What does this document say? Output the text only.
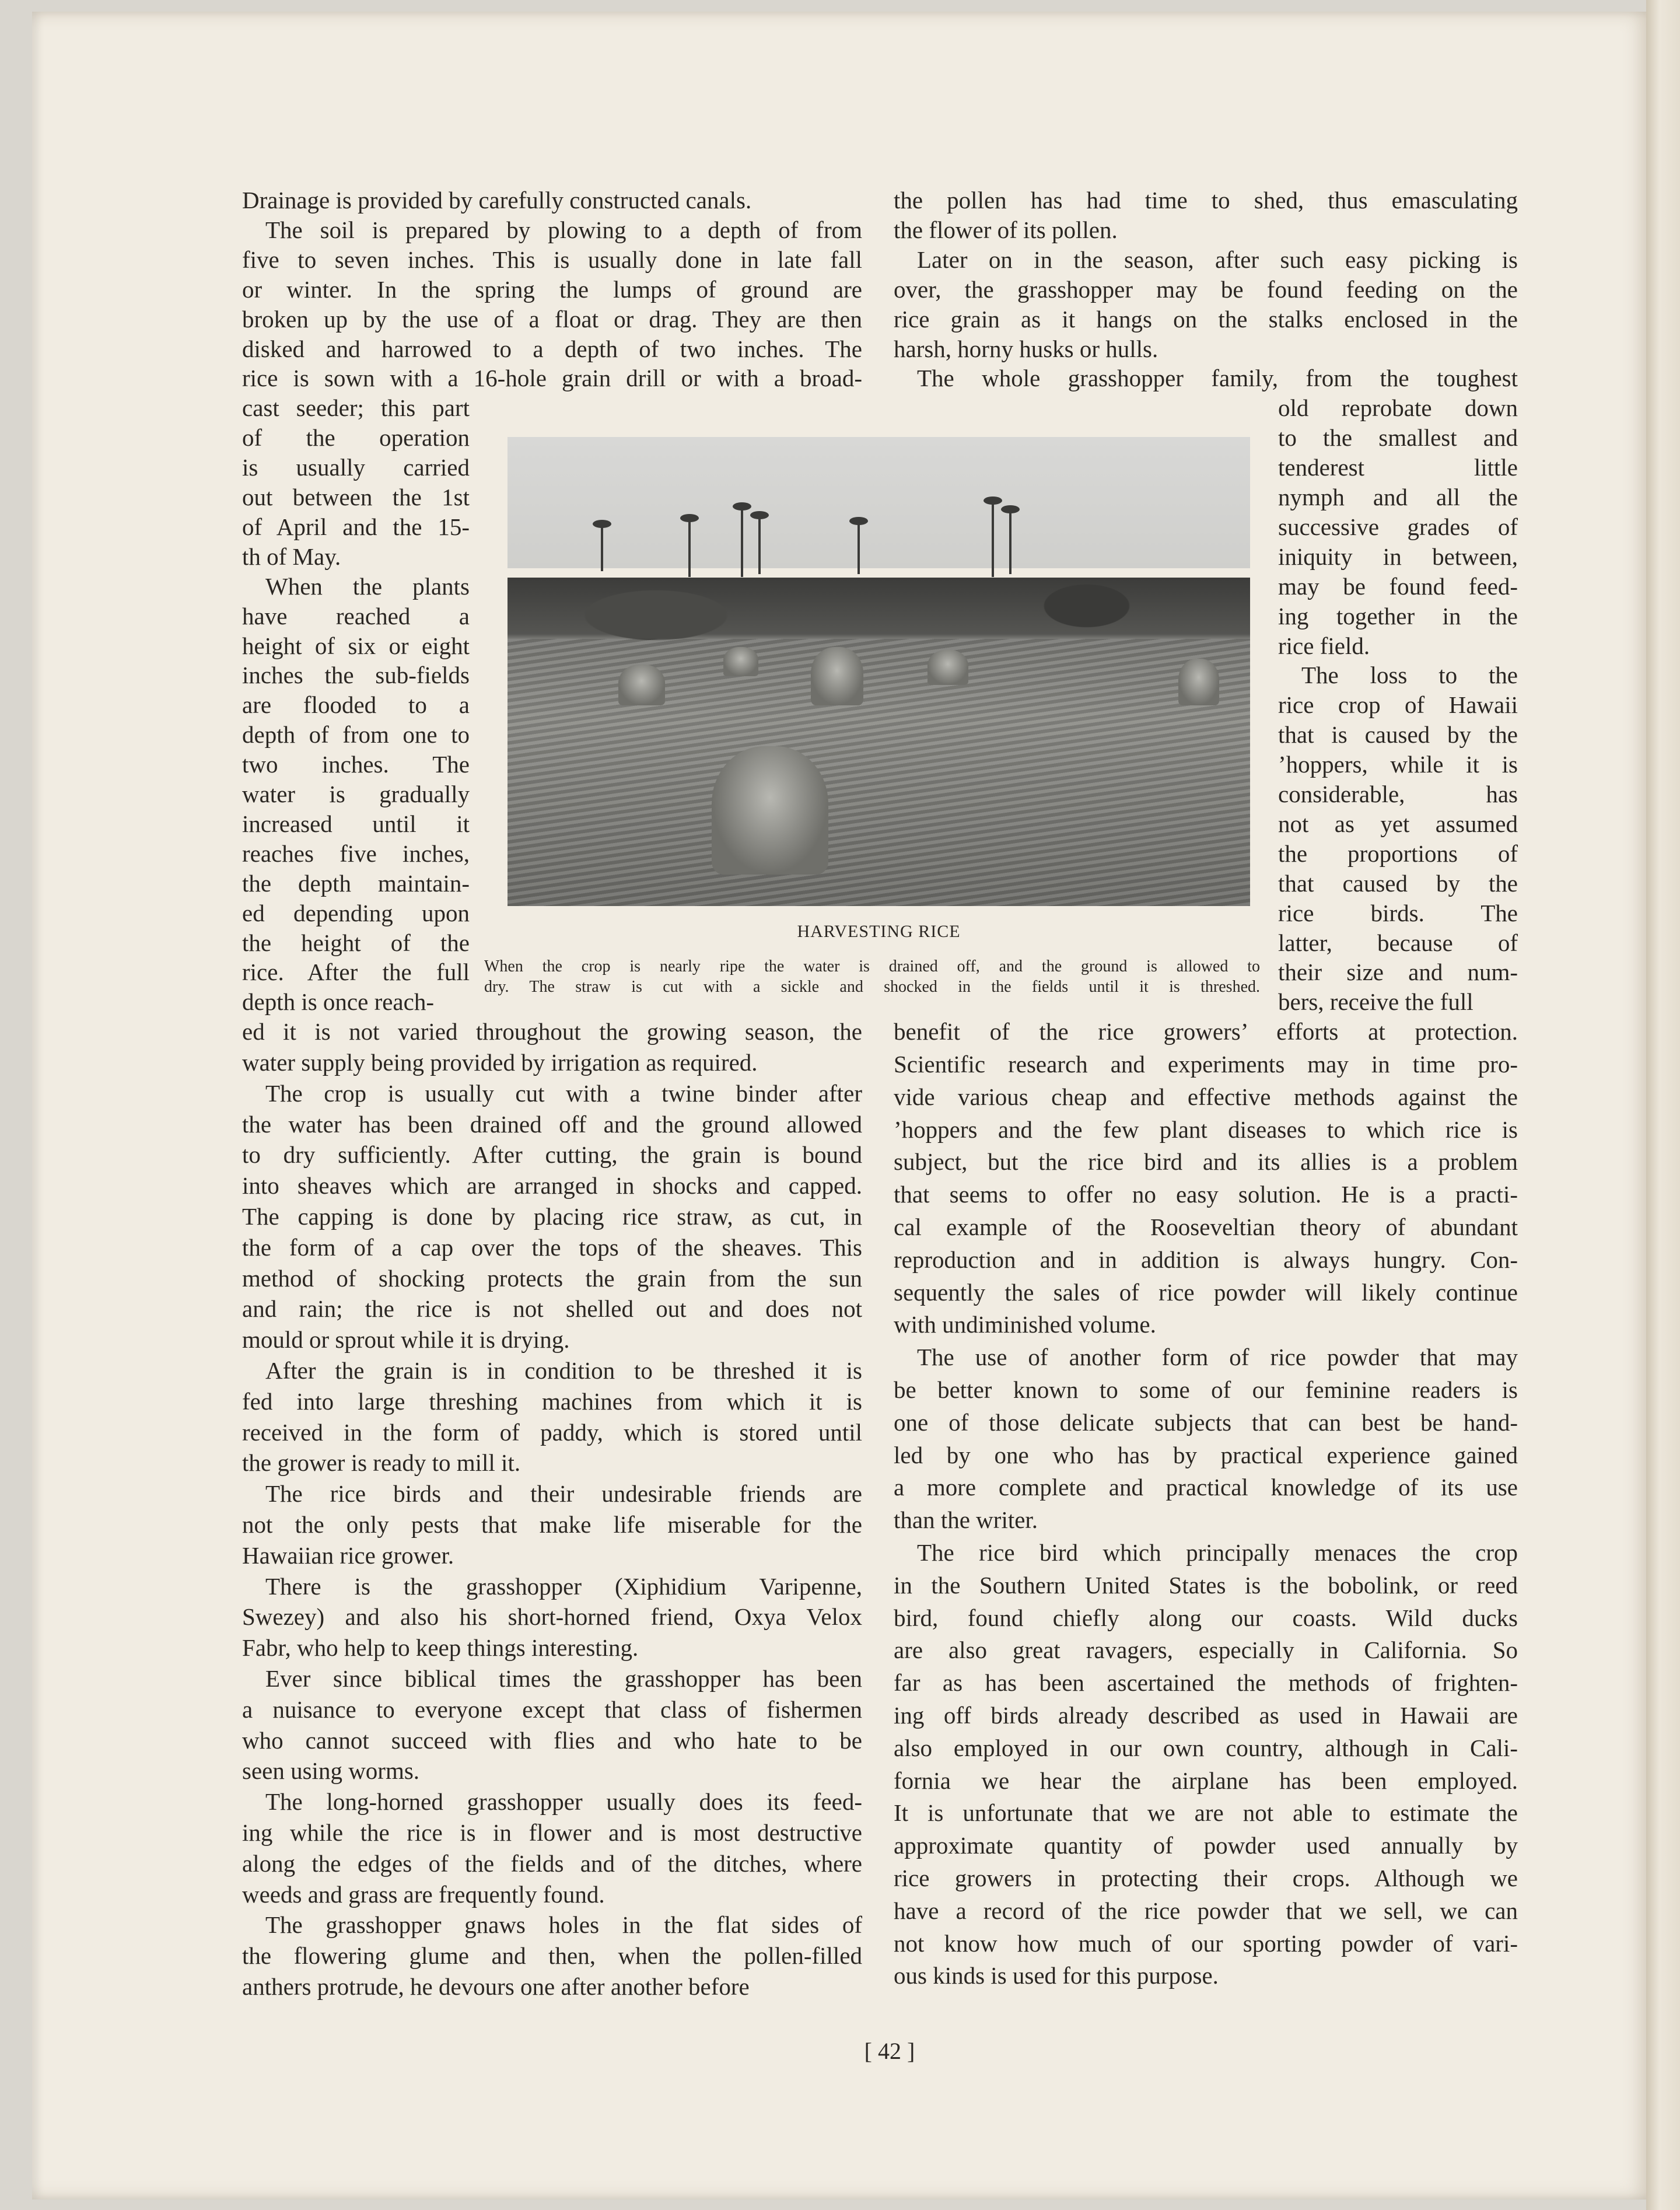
Drainage is provided by carefully constructed canals.
The soil is prepared by plowing to a depth of from
five to seven inches. This is usually done in late fall
or winter. In the spring the lumps of ground are
broken up by the use of a float or drag. They are then
disked and harrowed to a depth of two inches. The
rice is sown with a 16-hole grain drill or with a broad-
cast seeder; this part
of the operation
is usually carried
out between the 1st
of April and the 15-
th of May.
When the plants
have reached a
height of six or eight
inches the sub-fields
are flooded to a
depth of from one to
two inches. The
water is gradually
increased until it
reaches five inches,
the depth maintain-
ed depending upon
the height of the
rice. After the full
depth is once reach-
ed it is not varied throughout the growing season, the
water supply being provided by irrigation as required.
The crop is usually cut with a twine binder after
the water has been drained off and the ground allowed
to dry sufficiently. After cutting, the grain is bound
into sheaves which are arranged in shocks and capped.
The capping is done by placing rice straw, as cut, in
the form of a cap over the tops of the sheaves. This
method of shocking protects the grain from the sun
and rain; the rice is not shelled out and does not
mould or sprout while it is drying.
After the grain is in condition to be threshed it is
fed into large threshing machines from which it is
received in the form of paddy, which is stored until
the grower is ready to mill it.
The rice birds and their undesirable friends are
not the only pests that make life miserable for the
Hawaiian rice grower.
There is the grasshopper (Xiphidium Varipenne,
Swezey) and also his short-horned friend, Oxya Velox
Fabr, who help to keep things interesting.
Ever since biblical times the grasshopper has been
a nuisance to everyone except that class of fishermen
who cannot succeed with flies and who hate to be
seen using worms.
The long-horned grasshopper usually does its feed-
ing while the rice is in flower and is most destructive
along the edges of the fields and of the ditches, where
weeds and grass are frequently found.
The grasshopper gnaws holes in the flat sides of
the flowering glume and then, when the pollen-filled
anthers protrude, he devours one after another before
the pollen has had time to shed, thus emasculating
the flower of its pollen.
Later on in the season, after such easy picking is
over, the grasshopper may be found feeding on the
rice grain as it hangs on the stalks enclosed in the
harsh, horny husks or hulls.
The whole grasshopper family, from the toughest
old reprobate down
to the smallest and
tenderest little
nymph and all the
successive grades of
iniquity in between,
may be found feed-
ing together in the
rice field.
The loss to the
rice crop of Hawaii
that is caused by the
’hoppers, while it is
considerable, has
not as yet assumed
the proportions of
that caused by the
rice birds. The
latter, because of
their size and num-
bers, receive the full
benefit of the rice growers’ efforts at protection.
Scientific research and experiments may in time pro-
vide various cheap and effective methods against the
’hoppers and the few plant diseases to which rice is
subject, but the rice bird and its allies is a problem
that seems to offer no easy solution. He is a practi-
cal example of the Rooseveltian theory of abundant
reproduction and in addition is always hungry. Con-
sequently the sales of rice powder will likely continue
with undiminished volume.
The use of another form of rice powder that may
be better known to some of our feminine readers is
one of those delicate subjects that can best be hand-
led by one who has by practical experience gained
a more complete and practical knowledge of its use
than the writer.
The rice bird which principally menaces the crop
in the Southern United States is the bobolink, or reed
bird, found chiefly along our coasts. Wild ducks
are also great ravagers, especially in California. So
far as has been ascertained the methods of frighten-
ing off birds already described as used in Hawaii are
also employed in our own country, although in Cali-
fornia we hear the airplane has been employed.
It is unfortunate that we are not able to estimate the
approximate quantity of powder used annually by
rice growers in protecting their crops. Although we
have a record of the rice powder that we sell, we can
not know how much of our sporting powder of vari-
ous kinds is used for this purpose.
HARVESTING RICE
When the crop is nearly ripe the water is drained off, and the ground is allowed to
dry. The straw is cut with a sickle and shocked in the fields until it is threshed.
[ 42 ]
